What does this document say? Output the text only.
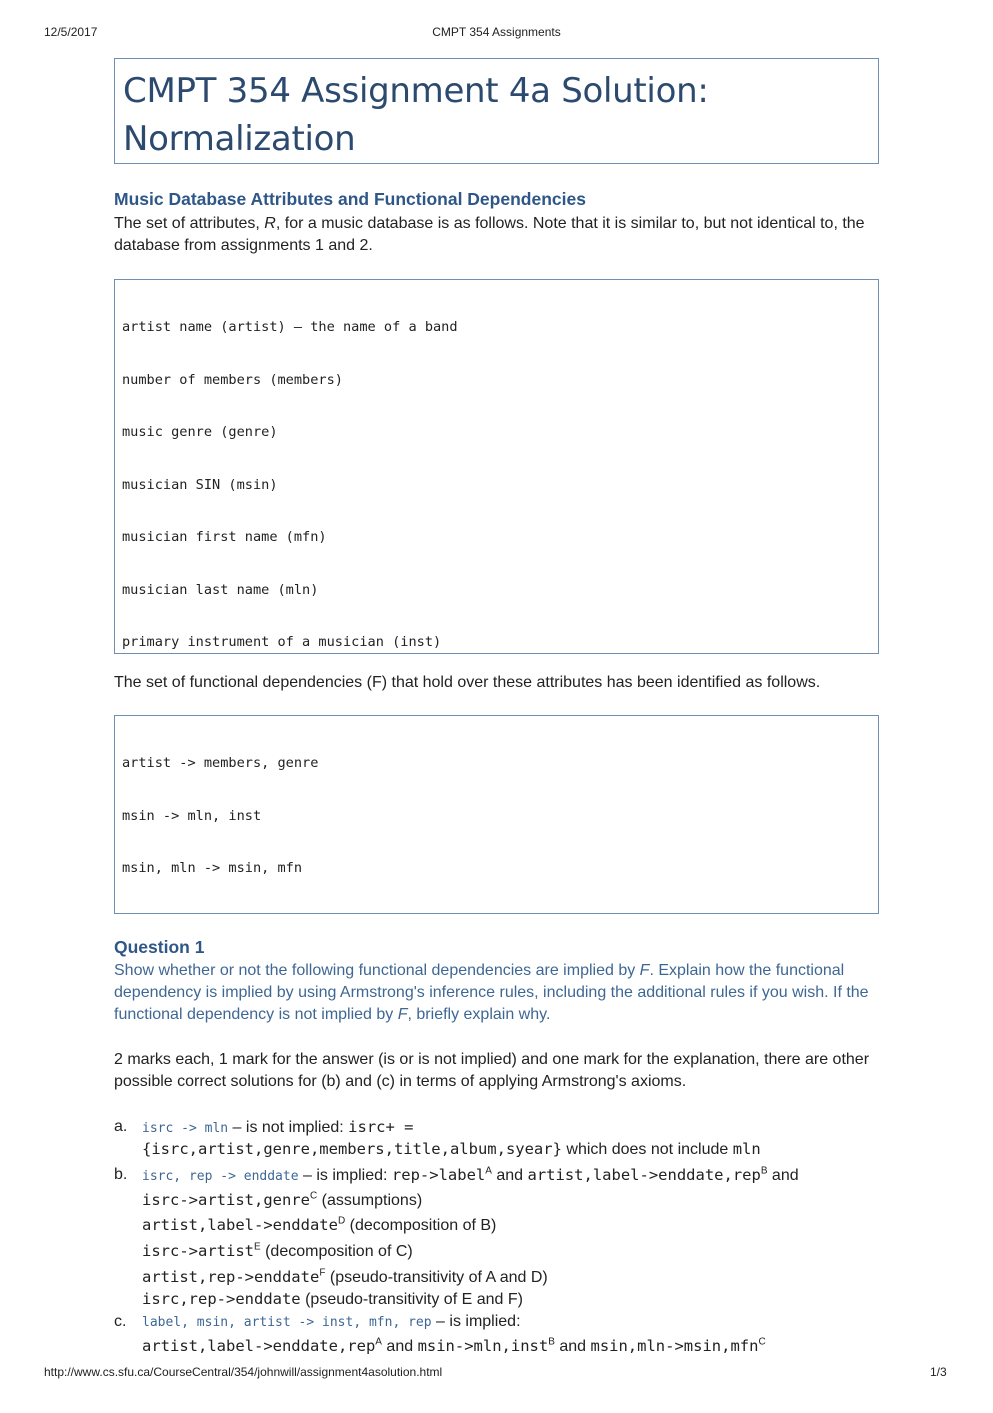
12/5/2017	CMPT 354 Assignments
CMPT 354 Assignment 4a Solution:
Normalization
Music Database Attributes and Functional Dependencies
The set of attributes, R, for a music database is as follows. Note that it is similar to, but not identical to, the database from assignments 1 and 2.

artist name (artist) – the name of a band

number of members (members)

music genre (genre)

musician SIN (msin)

musician first name (mfn)

musician last name (mln)

primary instrument of a musician (inst)

The set of functional dependencies (F) that hold over these attributes has been identified as follows.

artist -> members, genre

msin -> mln, inst

msin, mln -> msin, mfn

Question 1
Show whether or not the following functional dependencies are implied by F. Explain how the functional dependency is implied by using Armstrong's inference rules, including the additional rules if you wish. If the functional dependency is not implied by F, briefly explain why.
2 marks each, 1 mark for the answer (is or is not implied) and one mark for the explanation, there are other possible correct solutions for (b) and (c) in terms of applying Armstrong's axioms.
a. isrc -> mln – is not implied: isrc+ =
{isrc,artist,genre,members,title,album,syear} which does not include mln
b. isrc, rep -> enddate – is implied: rep->label$^A$ and artist,label->enddate,rep$^B$ and
isrc->artist,genre$^C$ (assumptions)
artist,label->enddate$^D$ (decomposition of B)
isrc->artist$^E$ (decomposition of C)
artist,rep->enddate$^F$ (pseudo-transitivity of A and D)
isrc,rep->enddate (pseudo-transitivity of E and F)
c. label, msin, artist -> inst, mfn, rep – is implied:
artist,label->enddate,rep$^A$ and msin->mln,inst$^B$ and msin,mln->msin,mfn$^C$
http://www.cs.sfu.ca/CourseCentral/354/johnwill/assignment4asolution.html	1/3
